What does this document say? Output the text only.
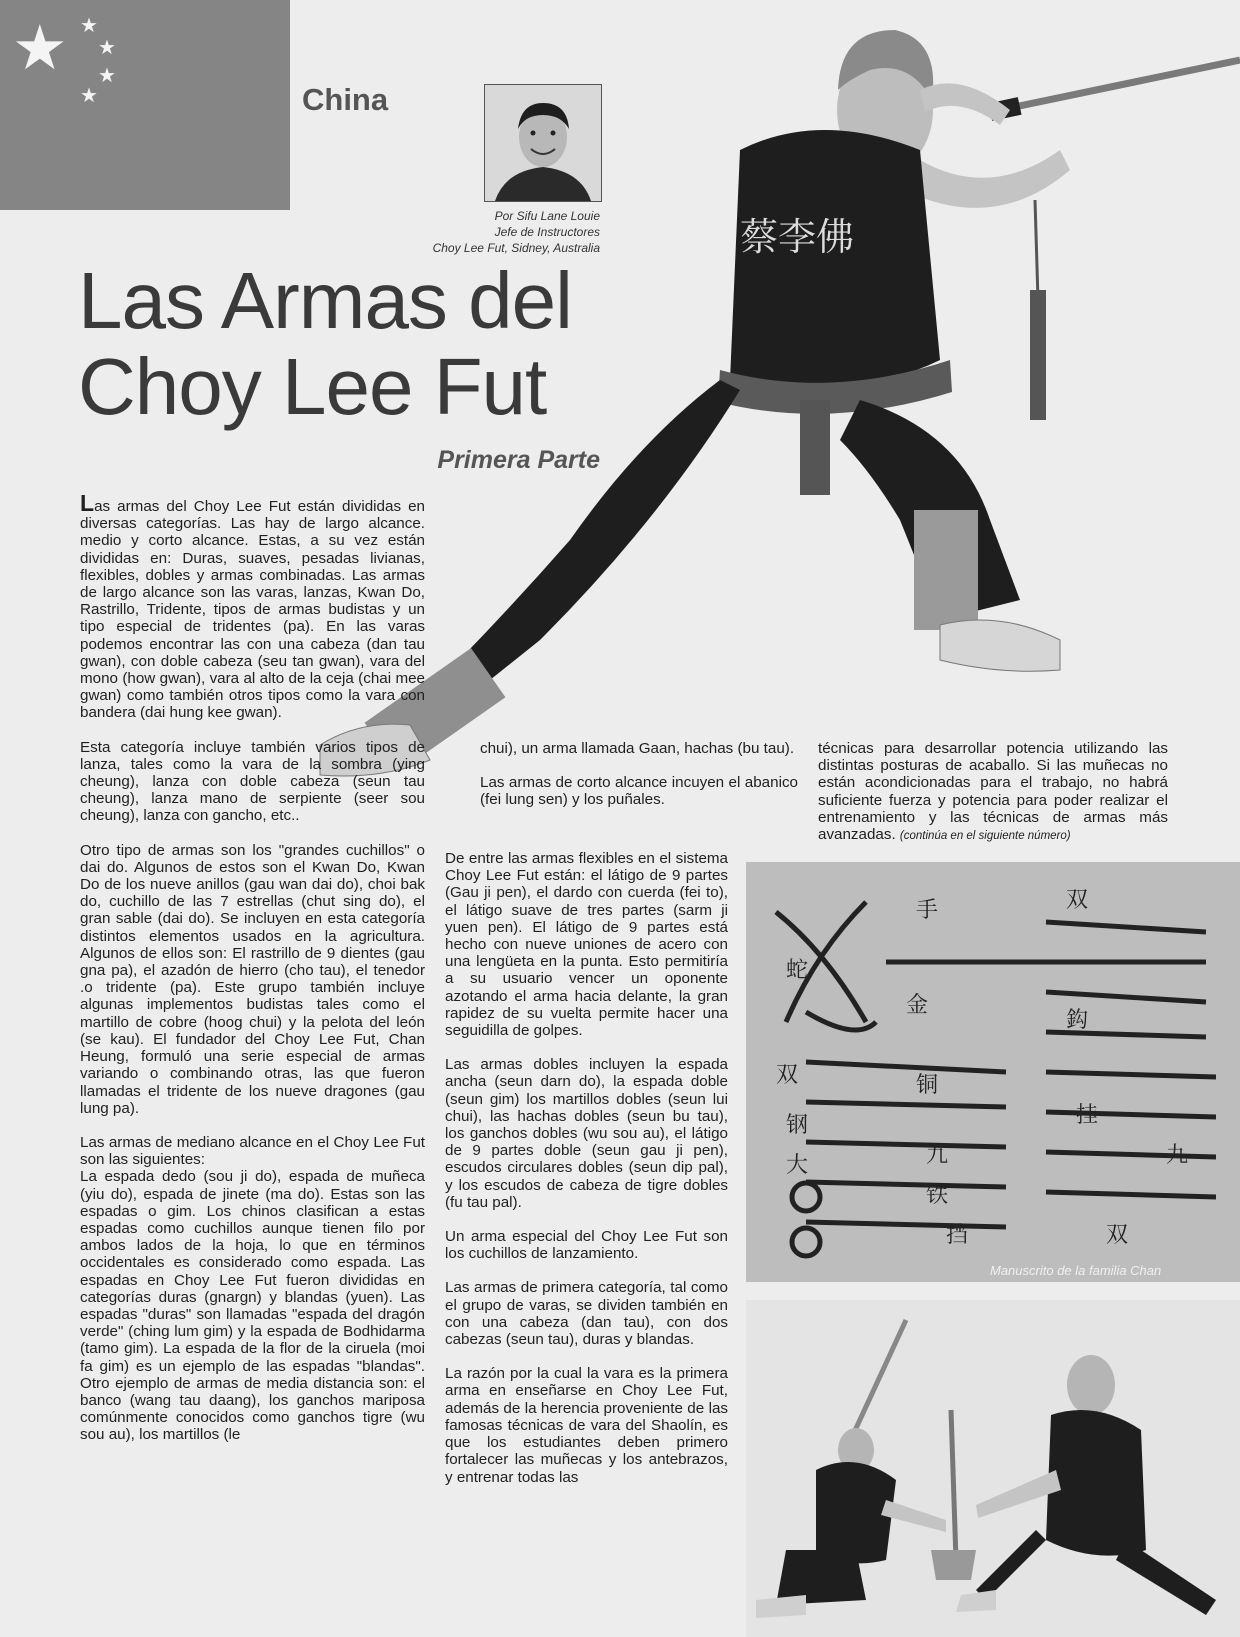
★ ★
★
★
★	China
Por Sifu Lane Louie
Jefe de Instructores
Choy Lee Fut, Sidney, Australia	蔡李佛
Las Armas del
Choy Lee Fut
Primera Parte

Las armas del Choy Lee Fut están divididas en diversas categorías. Las hay de largo alcance. medio y corto alcance. Estas, a su vez están divididas en: Duras, suaves, pesadas livianas, flexibles, dobles y armas combinadas. Las armas de largo alcance son las varas, lanzas, Kwan Do, Rastrillo, Tridente, tipos de armas budistas y un tipo especial de tridentes (pa). En las varas podemos encontrar las con una cabeza (dan tau gwan), con doble cabeza (seu tan gwan), vara del mono (how gwan), vara al alto de la ceja (chai mee gwan) como también otros tipos como la vara con bandera (dai hung kee gwan).

Esta categoría incluye también varios tipos de lanza, tales como la vara de la sombra (ying cheung), lanza con doble cabeza (seun tau cheung), lanza mano de serpiente (seer sou cheung), lanza con gancho, etc..

Otro tipo de armas son los "grandes cuchillos" o dai do. Algunos de estos son el Kwan Do, Kwan Do de los nueve anillos (gau wan dai do), choi bak do, cuchillo de las 7 estrellas (chut sing do), el gran sable (dai do). Se incluyen en esta categoría distintos elementos usados en la agricultura. Algunos de ellos son: El rastrillo de 9 dientes (gau gna pa), el azadón de hierro (cho tau), el tenedor .o tridente (pa). Este grupo también incluye algunas implementos budistas tales como el martillo de cobre (hoog chui) y la pelota del león (se kau). El fundador del Choy Lee Fut, Chan Heung, formuló una serie especial de armas variando o combinando otras, las que fueron llamadas el tridente de los nueve dragones (gau lung pa).

Las armas de mediano alcance en el Choy Lee Fut son las siguientes:

La espada dedo (sou ji do), espada de muñeca (yiu do), espada de jinete (ma do). Estas son las espadas o gim. Los chinos clasifican a estas espadas como cuchillos aunque tienen filo por ambos lados de la hoja, lo que en términos occidentales es considerado como espada. Las espadas en Choy Lee Fut fueron divididas en categorías duras (gnargn) y blandas (yuen). Las espadas "duras" son llamadas "espada del dragón verde" (ching lum gim) y la espada de Bodhidarma (tamo gim). La espada de la flor de la ciruela (moi fa gim) es un ejemplo de las espadas "blandas". Otro ejemplo de armas de media distancia son: el banco (wang tau daang), los ganchos mariposa comúnmente conocidos como ganchos tigre (wu sou au), los martillos (le

chui), un arma llamada Gaan, hachas (bu tau).

Las armas de corto alcance incuyen el abanico (fei lung sen) y los puñales.

De entre las armas flexibles en el sistema Choy Lee Fut están: el látigo de 9 partes (Gau ji pen), el dardo con cuerda (fei to), el látigo suave de tres partes (sarm ji yuen pen). El látigo de 9 partes está hecho con nueve uniones de acero con una lengüeta en la punta. Esto permitiría a su usuario vencer un oponente azotando el arma hacia delante, la gran rapidez de su vuelta permite hacer una seguidilla de golpes.

Las armas dobles incluyen la espada ancha (seun darn do), la espada doble (seun gim) los martillos dobles (seun lui chui), las hachas dobles (seun bu tau), los ganchos dobles (wu sou au), el látigo de 9 partes doble (seun gau ji pen), escudos circulares dobles (seun dip pal), y los escudos de cabeza de tigre dobles (fu tau pal).

Un arma especial del Choy Lee Fut son los cuchillos de lanzamiento.

Las armas de primera categoría, tal como el grupo de varas, se dividen también en con una cabeza (dan tau), con dos cabezas (seun tau), duras y blandas.

La razón por la cual la vara es la primera arma en enseñarse en Choy Lee Fut, además de la herencia proveniente de las famosas técnicas de vara del Shaolín, es que los estudiantes deben primero fortalecer las muñecas y los antebrazos, y entrenar todas las

técnicas para desarrollar potencia utilizando las distintas posturas de acaballo. Si las muñecas no están acondicionadas para el trabajo, no habrá suficiente fuerza y potencia para poder realizar el entrenamiento y las técnicas de armas más avanzadas. (continúa en el siguiente número)

手	双
蛇
金
鈎
双	铜
九
挂
钢
铁
九
大
挡	双
Manuscrito de la familia Chan
